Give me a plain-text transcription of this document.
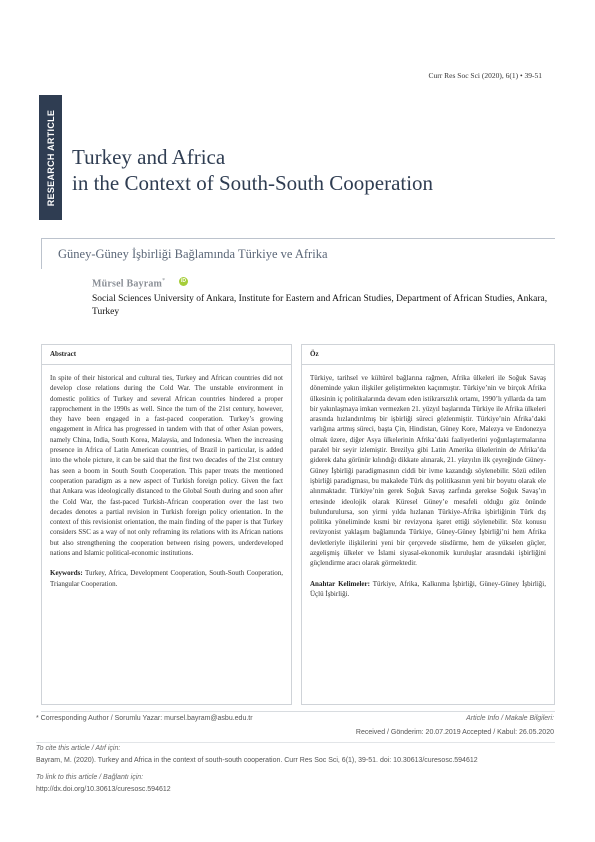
Curr Res Soc Sci (2020), 6(1) • 39-51
RESEARCH ARTICLE Turkey and Africa
in the Context of South-South Cooperation
Güney-Güney İşbirliği Bağlamında Türkiye ve Afrika
Mürsel Bayram*	iD
Social Sciences University of Ankara, Institute for Eastern and African Studies, Department of African Studies, Ankara, Turkey
Abstract
In spite of their historical and cultural ties, Turkey and African countries did not develop close relations during the Cold War. The unstable environment in domestic politics of Turkey and several African countries hindered a proper rapprochement in the 1990s as well. Since the turn of the 21st century, however, they have been engaged in a fast-paced cooperation. Turkey’s growing engagement in Africa has progressed in tandem with that of other Asian powers, namely China, India, South Korea, Malaysia, and Indonesia. When the increasing presence in Africa of Latin American countries, of Brazil in particular, is added into the whole picture, it can be said that the first two decades of the 21st century has seen a boom in South South Cooperation. This paper treats the mentioned cooperation paradigm as a new aspect of Turkish foreign policy. Given the fact that Ankara was ideologically distanced to the Global South during and soon after the Cold War, the fast-paced Turkish-African cooperation over the last two decades denotes a partial revision in Turkish foreign policy orientation. In the context of this revisionist orientation, the main finding of the paper is that Turkey considers SSC as a way of not only reframing its relations with its African nations but also strengthening the cooperation between rising powers, underdeveloped nations and Islamic political-economic institutions.
Keywords: Turkey, Africa, Development Cooperation, South-South Cooperation, Triangular Cooperation.
Öz
Türkiye, tarihsel ve kültürel bağlarına rağmen, Afrika ülkeleri ile Soğuk Savaş döneminde yakın ilişkiler geliştirmekten kaçınmıştır. Türkiye’nin ve birçok Afrika ülkesinin iç politikalarında devam eden istikrarsızlık ortamı, 1990’lı yıllarda da tam bir yakınlaşmaya imkan vermezken 21. yüzyıl başlarında Türkiye ile Afrika ülkeleri arasında hızlandırılmış bir işbirliği süreci gözlenmiştir. Türkiye’nin Afrika’daki varlığına artmış süreci, başta Çin, Hindistan, Güney Kore, Malezya ve Endonezya olmak üzere, diğer Asya ülkelerinin Afrika’daki faaliyetlerini yoğunlaştırmalarına paralel bir seyir izlemiştir. Brezilya gibi Latin Amerika ülkelerinin de Afrika’da giderek daha görünür kılındığı dikkate alınarak, 21. yüzyılın ilk çeyreğinde Güney-Güney İşbirliği paradigmasının ciddi bir ivme kazandığı söylenebilir. Sözü edilen işbirliği paradigması, bu makalede Türk dış politikasının yeni bir boyutu olarak ele alınmaktadır. Türkiye’nin gerek Soğuk Savaş zarfında gerekse Soğuk Savaş’ın ertesinde ideolojik olarak Küresel Güney’e mesafeli olduğu göz önünde bulundurulursa, son yirmi yılda hızlanan Türkiye-Afrika işbirliğinin Türk dış politika yöneliminde kısmi bir revizyona işaret ettiği söylenebilir. Söz konusu revizyonist yaklaşım bağlamında Türkiye, Güney-Güney İşbirliği’ni hem Afrika devletleriyle ilişkilerini yeni bir çerçevede süsdürme, hem de yükselen güçler, azgelişmiş ülkeler ve İslami siyasal-ekonomik kuruluşlar arasındaki işbirliğini güçlendirme aracı olarak görmektedir.
Anahtar Kelimeler: Türkiye, Afrika, Kalkınma İşbirliği, Güney-Güney İşbirliği, Üçlü İşbirliği.
* Corresponding Author / Sorumlu Yazar: mursel.bayram@asbu.edu.tr	Article Info / Makale Bilgileri:
Received / Gönderim: 20.07.2019 Accepted / Kabul: 26.05.2020
To cite this article / Atıf için:
Bayram, M. (2020). Turkey and Africa in the context of south-south cooperation. Curr Res Soc Sci, 6(1), 39-51. doi: 10.30613/curesosc.594612
To link to this article / Bağlantı için:
http://dx.doi.org/10.30613/curesosc.594612
